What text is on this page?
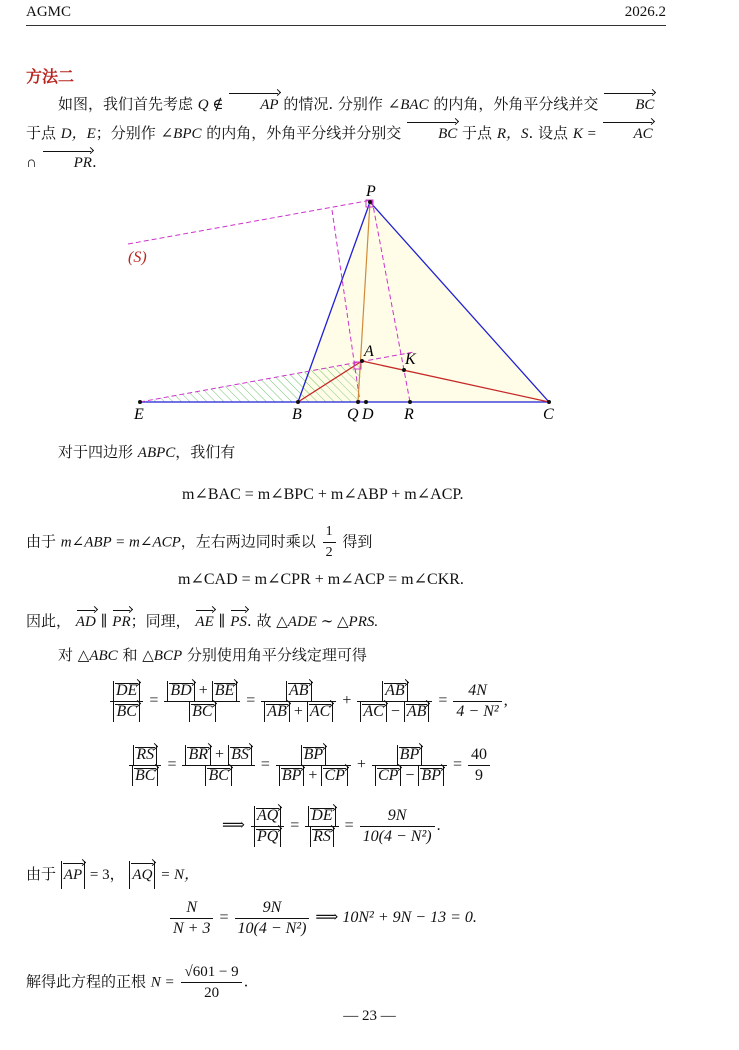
AGMC	2026.2
方法二
如图，我们首先考虑 Q ∉ AP 的情况. 分别作 ∠BAC 的内角，外角平分线并交 BC 于点 D，E；分别作 ∠BPC 的内角，外角平分线并分别交 BC 于点 R，S. 设点 K = AC ∩ PR.
P
A K
E	B	Q D R	C
(S)
对于四边形 ABPC，我们有
m∠BAC = m∠BPC + m∠ABP + m∠ACP.
由于 m∠ABP = m∠ACP，左右两边同时乘以 $\frac{1}{2}$ 得到
m∠CAD = m∠CPR + m∠ACP = m∠CKR.
因此， AD ∥ PR；同理， AE ∥ PS. 故 △ADE ∼ △PRS.
对 △ABC 和 △BCP 分别使用角平分线定理可得
$\frac{DE}{BC} = \frac{BD + BE}{BC} = \frac{AB}{AB + AC} + \frac{AB}{AC - AB} = \frac{4N}{\text{4 − N²}}$ ,
$\frac{RS}{BC} = \frac{BR + BS}{BC} = \frac{BP}{BP + CP} + \frac{BP}{CP - BP} = \frac{40}{9}$
⟹ $\frac{AQ}{PQ} = \frac{DE}{RS} = \frac{9N}{\text{10(4 − N²)}}$ .
由于 AP = 3， AQ = N，
$\frac{N}{N + 3} = \frac{9N}{\text{10(4 − N²)}}$ ⟹ 10N² + 9N − 13 = 0.
解得此方程的正根 $N = \frac{√601 - 9}{20}$ .
— 23 —
